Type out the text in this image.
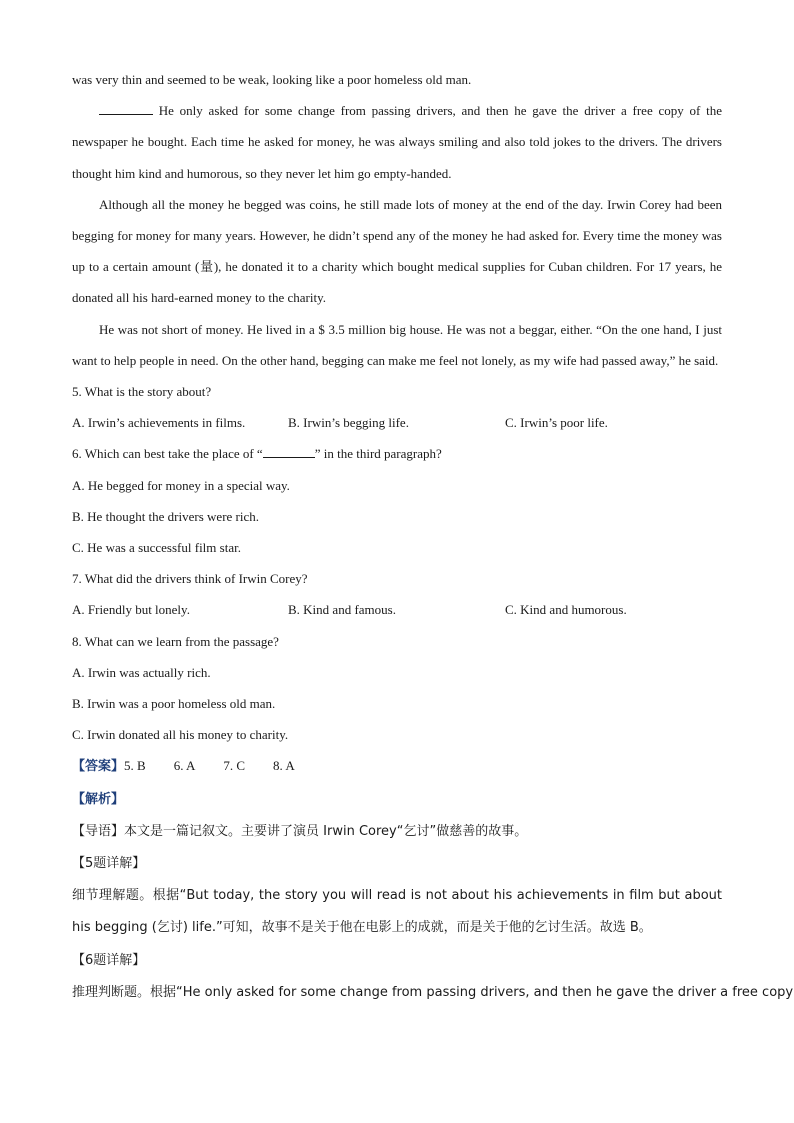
was very thin and seemed to be weak, looking like a poor homeless old man.

He only asked for some change from passing drivers, and then he gave the driver a free copy of the newspaper he bought. Each time he asked for money, he was always smiling and also told jokes to the drivers. The drivers thought him kind and humorous, so they never let him go empty-handed.

Although all the money he begged was coins, he still made lots of money at the end of the day. Irwin Corey had been begging for money for many years. However, he didn’t spend any of the money he had asked for. Every time the money was up to a certain amount (量), he donated it to a charity which bought medical supplies for Cuban children. For 17 years, he donated all his hard-earned money to the charity.

He was not short of money. He lived in a $ 3.5 million big house. He was not a beggar, either. “On the one hand, I just want to help people in need. On the other hand, begging can make me feel not lonely, as my wife had passed away,” he said.

5. What is the story about?
A. Irwin’s achievements in films.	B. Irwin’s begging life.	C. Irwin’s poor life.
6. Which can best take the place of “	” in the third paragraph?
A. He begged for money in a special way.
B. He thought the drivers were rich.
C. He was a successful film star.
7. What did the drivers think of Irwin Corey?
A. Friendly but lonely.	B. Kind and famous.	C. Kind and humorous.
8. What can we learn from the passage?
A. Irwin was actually rich.
B. Irwin was a poor homeless old man.
C. Irwin donated all his money to charity.
【答案】5. B 6. A 7. C 8. A
【解析】
【导语】本文是一篇记叙文。主要讲了演员 Irwin Corey“乞讨”做慈善的故事。
【5题详解】

细节理解题。根据“But today, the story you will read is not about his achievements in film but about his begging (乞讨) life.”可知，故事不是关于他在电影上的成就，而是关于他的乞讨生活。故选 B。

【6题详解】
推理判断题。根据“He only asked for some change from passing drivers, and then he gave the driver a free copy
